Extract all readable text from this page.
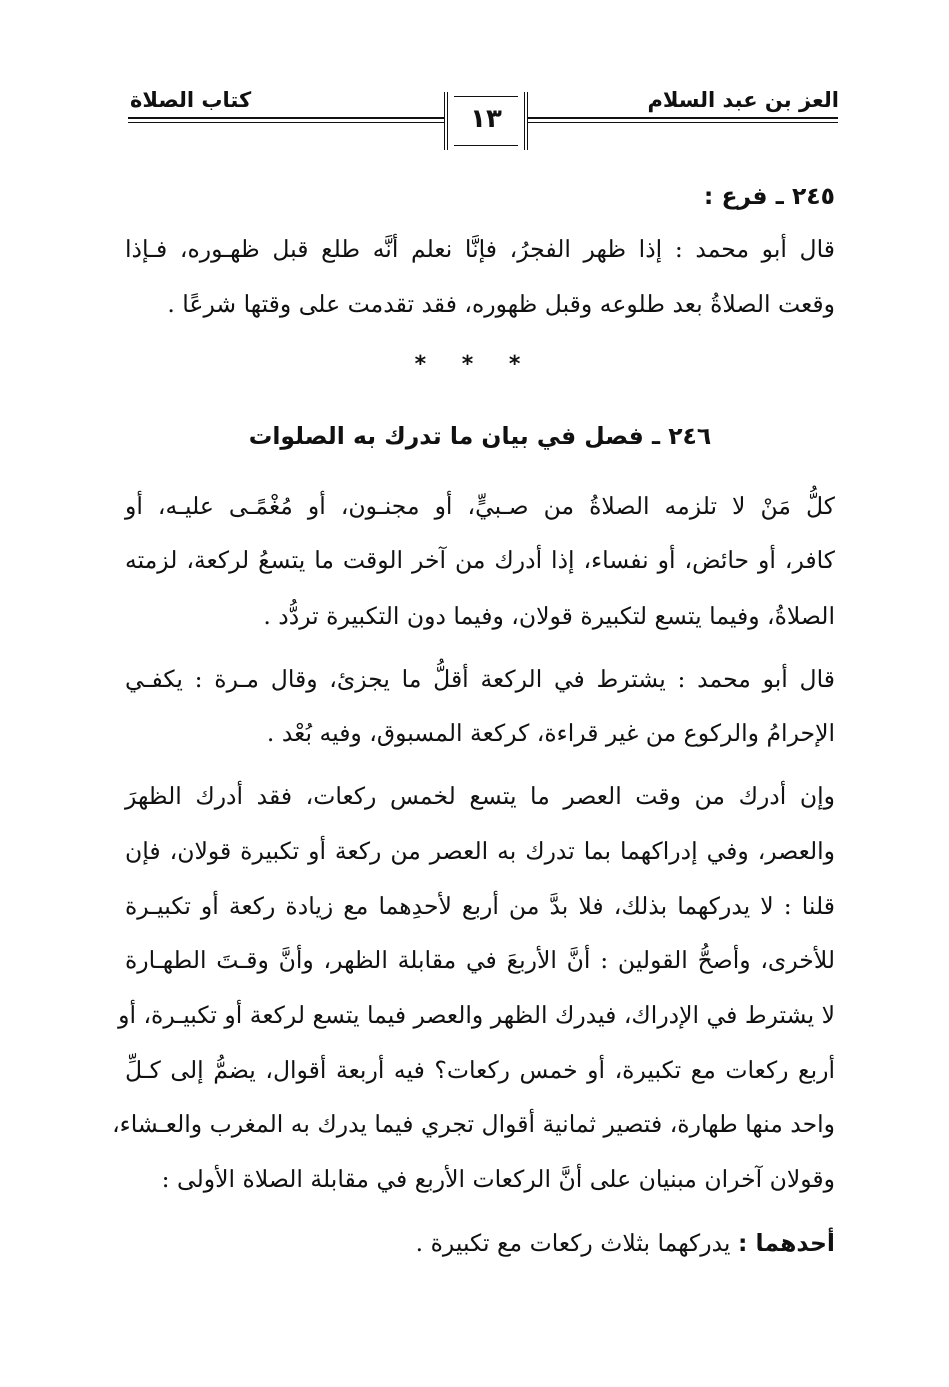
العز بن عبد السلام
كتاب الصلاة
١٣
٢٤٥ ـ فرع :
قال أبو محمد : إذا ظهر الفجرُ، فإنَّا نعلم أنَّه طلع قبل ظهـوره، فـإذا
وقعت الصلاةُ بعد طلوعه وقبل ظهوره، فقد تقدمت على وقتها شرعًا .
* * *
٢٤٦ ـ فصل في بيان ما تدرك به الصلوات
كلُّ مَنْ لا تلزمه الصلاةُ من صـبيٍّ، أو مجنـون، أو مُغْمًـى عليـه، أو
كافر، أو حائض، أو نفساء، إذا أدرك من آخر الوقت ما يتسعُ لركعة، لزمته
الصلاةُ، وفيما يتسع لتكبيرة قولان، وفيما دون التكبيرة تردُّد .
قال أبو محمد : يشترط في الركعة أقلُّ ما يجزئ، وقال مـرة : يكفـي
الإحرامُ والركوع من غير قراءة، كركعة المسبوق، وفيه بُعْد .
وإن أدرك من وقت العصر ما يتسع لخمس ركعات، فقد أدرك الظهرَ
والعصر، وفي إدراكهما بما تدرك به العصر من ركعة أو تكبيرة قولان، فإن
قلنا : لا يدركهما بذلك، فلا بدَّ من أربع لأحدِهما مع زيادة ركعة أو تكبيـرة
للأخرى، وأصحُّ القولين : أنَّ الأربعَ في مقابلة الظهر، وأنَّ وقـتَ الطهـارة
لا يشترط في الإدراك، فيدرك الظهر والعصر فيما يتسع لركعة أو تكبيـرة، أو
أربع ركعات مع تكبيرة، أو خمس ركعات؟ فيه أربعة أقوال، يضمُّ إلى كـلِّ
واحد منها طهارة، فتصير ثمانية أقوال تجري فيما يدرك به المغرب والعـشاء،
وقولان آخران مبنيان على أنَّ الركعات الأربع في مقابلة الصلاة الأولى :
أحدهما : يدركهما بثلاث ركعات مع تكبيرة .
